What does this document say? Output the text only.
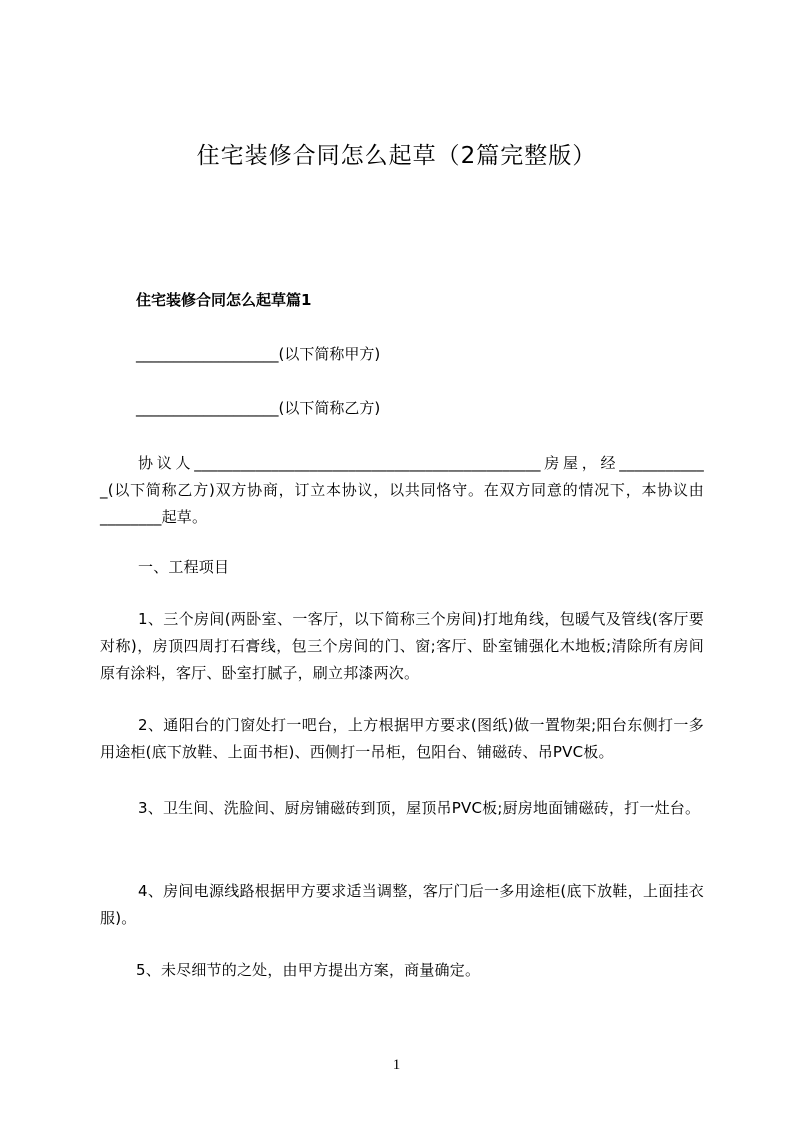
住宅装修合同怎么起草（2篇完整版）
住宅装修合同怎么起草篇1
___________________(以下简称甲方)
___________________(以下简称乙方)
协议人_____________________________________________房屋，经___________ _(以下简称乙方)双方协商，订立本协议，以共同恪守。在双方同意的情况下，本协议由________起草。
一、工程项目
1、三个房间(两卧室、一客厅，以下简称三个房间)打地角线，包暖气及管线(客厅要对称)，房顶四周打石膏线，包三个房间的门、窗;客厅、卧室铺强化木地板;清除所有房间原有涂料，客厅、卧室打腻子，刷立邦漆两次。
2、通阳台的门窗处打一吧台，上方根据甲方要求(图纸)做一置物架;阳台东侧打一多用途柜(底下放鞋、上面书柜)、西侧打一吊柜，包阳台、铺磁砖、吊PVC板。
3、卫生间、洗脸间、厨房铺磁砖到顶，屋顶吊PVC板;厨房地面铺磁砖，打一灶台。
4、房间电源线路根据甲方要求适当调整，客厅门后一多用途柜(底下放鞋，上面挂衣服)。
5、未尽细节的之处，由甲方提出方案，商量确定。
1
